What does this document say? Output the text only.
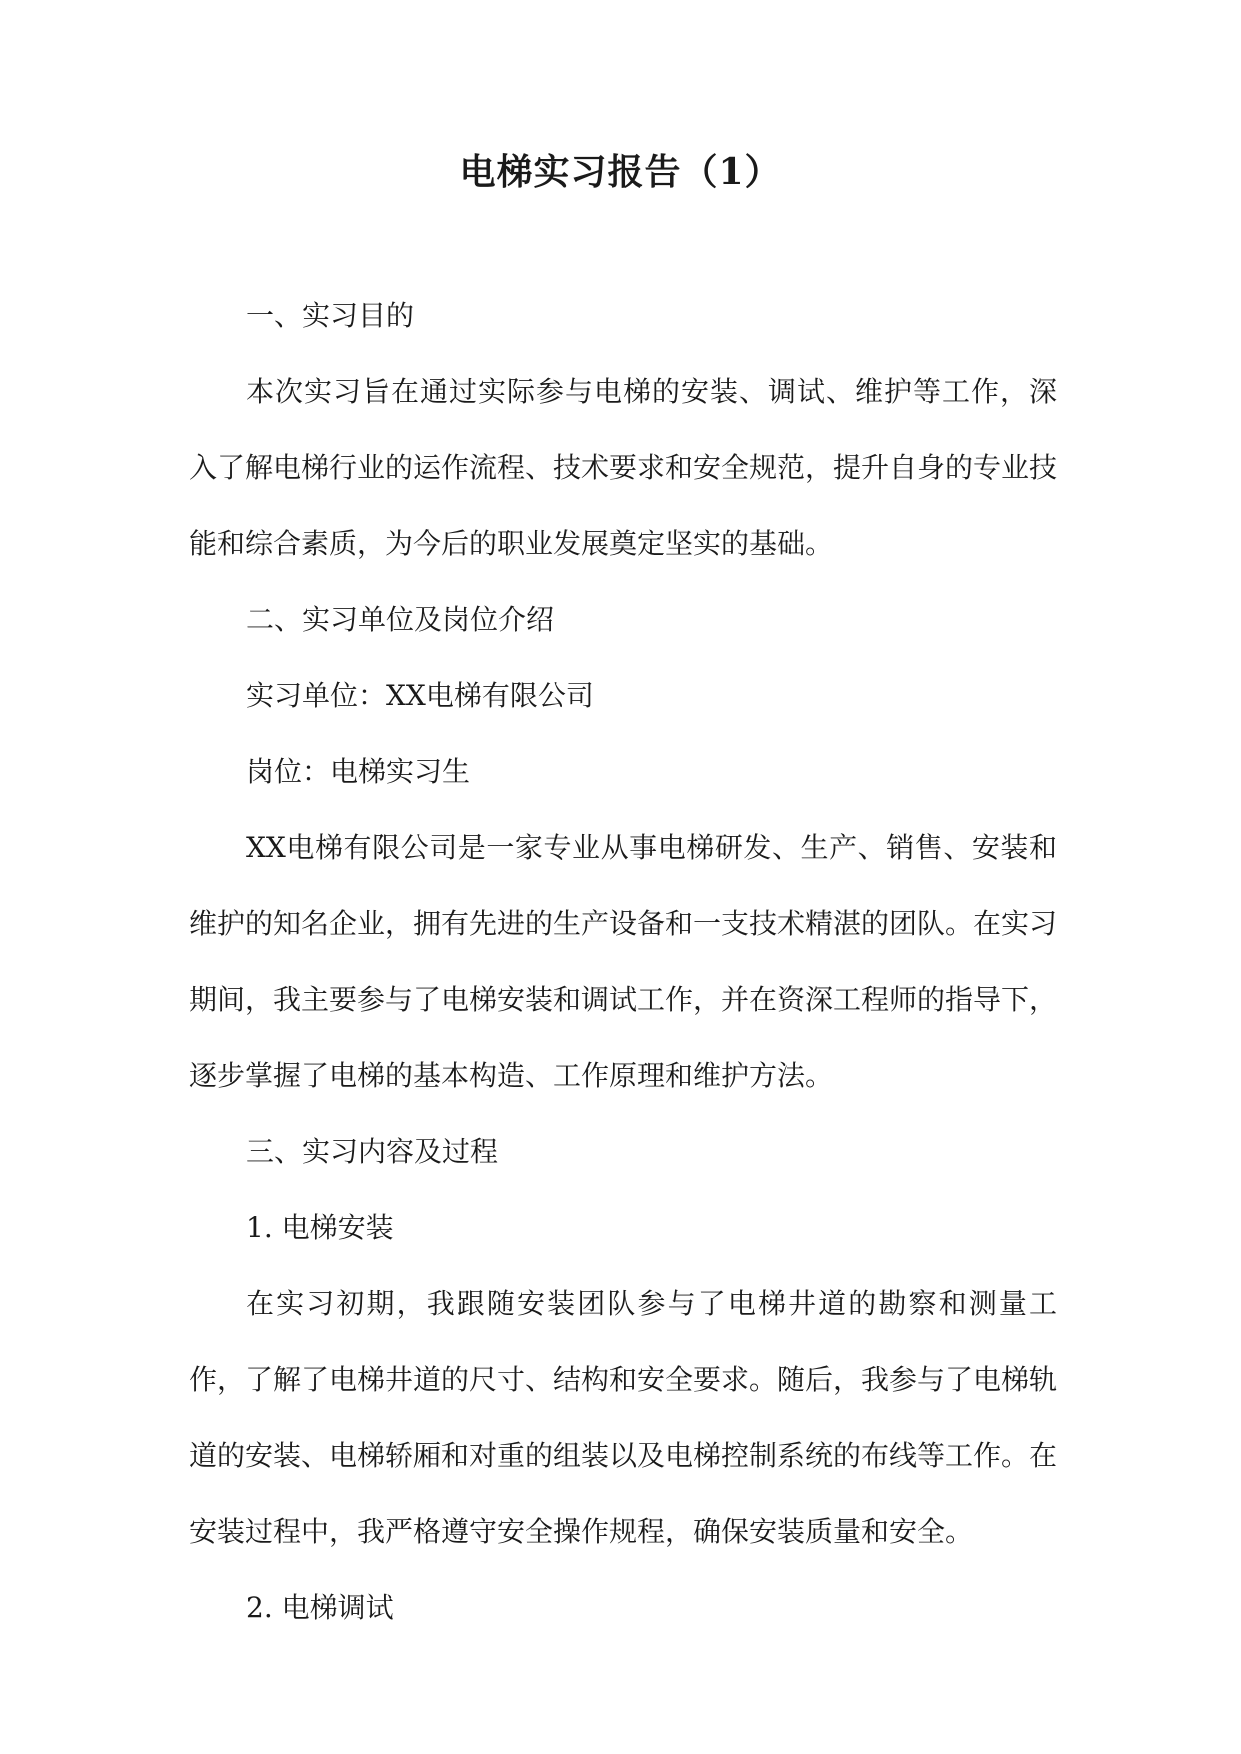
电梯实习报告（1）

一、实习目的

本次实习旨在通过实际参与电梯的安装、调试、维护等工作，深入了解电梯行业的运作流程、技术要求和安全规范，提升自身的专业技能和综合素质，为今后的职业发展奠定坚实的基础。

二、实习单位及岗位介绍

实习单位：XX电梯有限公司

岗位：电梯实习生

XX电梯有限公司是一家专业从事电梯研发、生产、销售、安装和维护的知名企业，拥有先进的生产设备和一支技术精湛的团队。在实习期间，我主要参与了电梯安装和调试工作，并在资深工程师的指导下，逐步掌握了电梯的基本构造、工作原理和维护方法。

三、实习内容及过程

1. 电梯安装

在实习初期，我跟随安装团队参与了电梯井道的勘察和测量工作，了解了电梯井道的尺寸、结构和安全要求。随后，我参与了电梯轨道的安装、电梯轿厢和对重的组装以及电梯控制系统的布线等工作。在安装过程中，我严格遵守安全操作规程，确保安装质量和安全。

2. 电梯调试
